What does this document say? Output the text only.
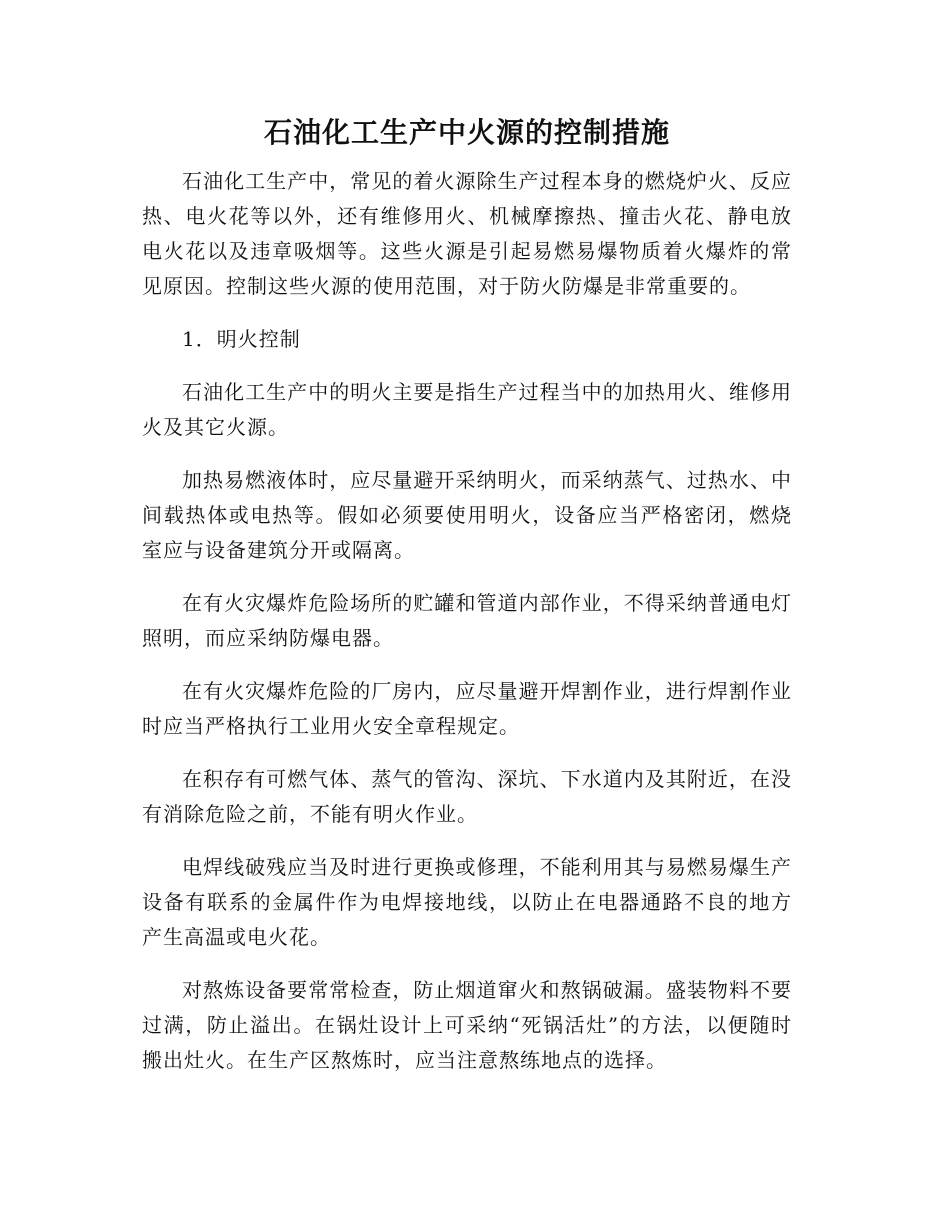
石油化工生产中火源的控制措施

石油化工生产中，常见的着火源除生产过程本身的燃烧炉火、反应热、电火花等以外，还有维修用火、机械摩擦热、撞击火花、静电放电火花以及违章吸烟等。这些火源是引起易燃易爆物质着火爆炸的常见原因。控制这些火源的使用范围，对于防火防爆是非常重要的。

1．明火控制

石油化工生产中的明火主要是指生产过程当中的加热用火、维修用火及其它火源。

加热易燃液体时，应尽量避开采纳明火，而采纳蒸气、过热水、中间载热体或电热等。假如必须要使用明火，设备应当严格密闭，燃烧室应与设备建筑分开或隔离。

在有火灾爆炸危险场所的贮罐和管道内部作业，不得采纳普通电灯照明，而应采纳防爆电器。

在有火灾爆炸危险的厂房内，应尽量避开焊割作业，进行焊割作业时应当严格执行工业用火安全章程规定。

在积存有可燃气体、蒸气的管沟、深坑、下水道内及其附近，在没有消除危险之前，不能有明火作业。

电焊线破残应当及时进行更换或修理，不能利用其与易燃易爆生产设备有联系的金属件作为电焊接地线，以防止在电器通路不良的地方产生高温或电火花。

对熬炼设备要常常检查，防止烟道窜火和熬锅破漏。盛装物料不要过满，防止溢出。在锅灶设计上可采纳“死锅活灶”的方法，以便随时搬出灶火。在生产区熬炼时，应当注意熬练地点的选择。
